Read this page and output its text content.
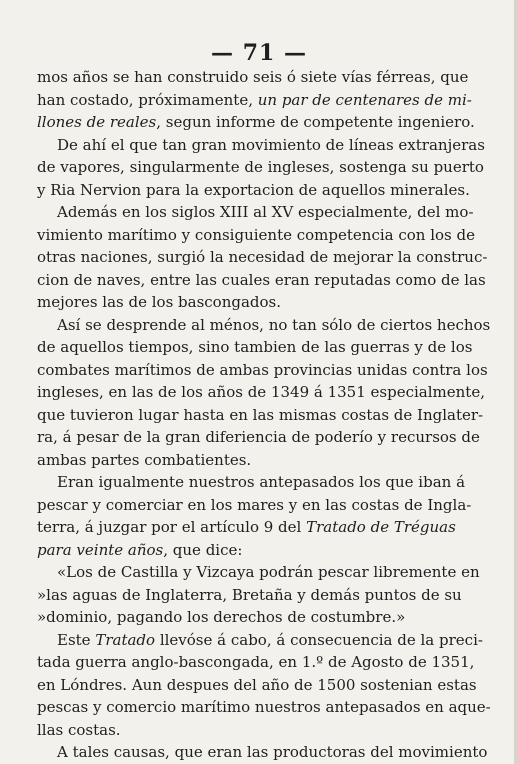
— 71 —
mos años se han construido seis ó siete vías férreas, que
han costado, próximamente, un par de centenares de mi-
llones de reales, segun informe de competente ingeniero.
De ahí el que tan gran movimiento de líneas extranjeras
de vapores, singularmente de ingleses, sostenga su puerto
y Ria Nervion para la exportacion de aquellos minerales.
Además en los siglos XIII al XV especialmente, del mo-
vimiento marítimo y consiguiente competencia con los de
otras naciones, surgió la necesidad de mejorar la construc-
cion de naves, entre las cuales eran reputadas como de las
mejores las de los bascongados.
Así se desprende al ménos, no tan sólo de ciertos hechos
de aquellos tiempos, sino tambien de las guerras y de los
combates marítimos de ambas provincias unidas contra los
ingleses, en las de los años de 1349 á 1351 especialmente,
que tuvieron lugar hasta en las mismas costas de Inglater-
ra, á pesar de la gran diferiencia de poderío y recursos de
ambas partes combatientes.
Eran igualmente nuestros antepasados los que iban á
pescar y comerciar en los mares y en las costas de Ingla-
terra, á juzgar por el artículo 9 del Tratado de Tréguas
para veinte años, que dice:
«Los de Castilla y Vizcaya podrán pescar libremente en
»las aguas de Inglaterra, Bretaña y demás puntos de su
»dominio, pagando los derechos de costumbre.»
Este Tratado llevóse á cabo, á consecuencia de la preci-
tada guerra anglo-bascongada, en 1.º de Agosto de 1351,
en Lóndres. Aun despues del año de 1500 sostenian estas
pescas y comercio marítimo nuestros antepasados en aque-
llas costas.
A tales causas, que eran las productoras del movimiento
